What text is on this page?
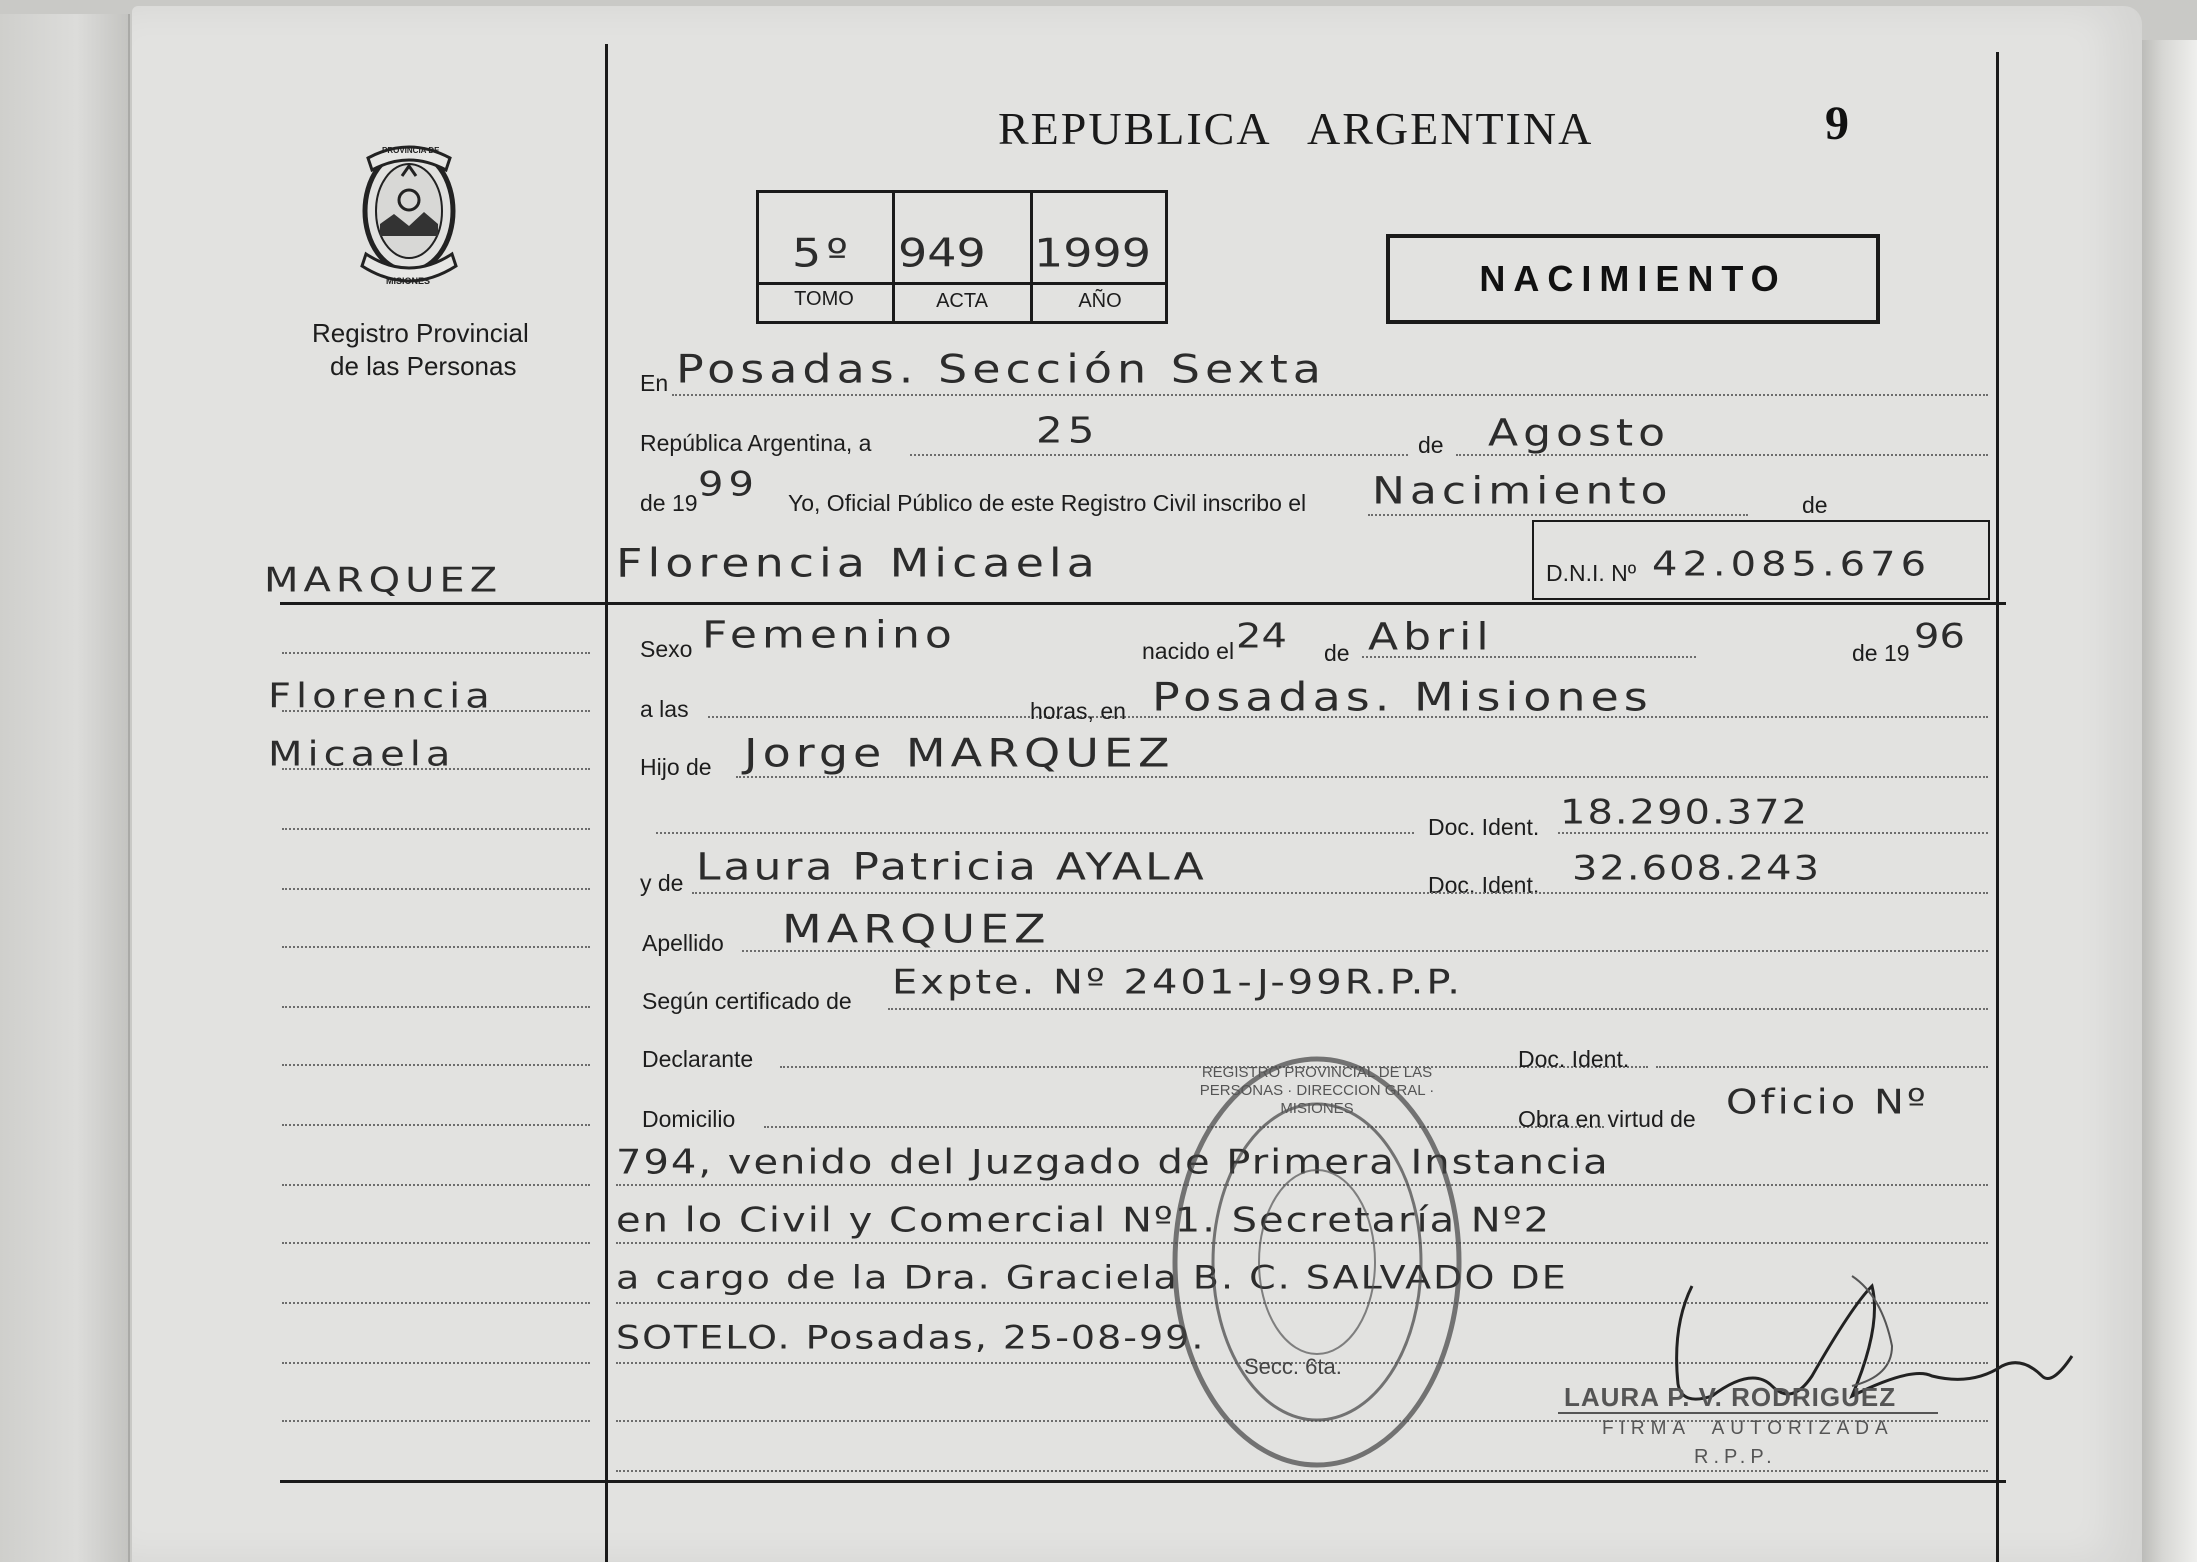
PROVINCIA DE
MISIONES
Registro Provincial
de las Personas
REPUBLICA   ARGENTINA	9
5º 949 1999
TOMO	ACTA	AÑO
NACIMIENTO
MARQUEZ
Florencia
Micaela
En Posadas. Sección Sexta
República Argentina, a	25	de Agosto
de 19 99 Yo, Oficial Público de este Registro Civil inscribo el Nacimiento	de
Florencia Micaela	D.N.I. Nº 42.085.676
Sexo Femenino	nacido el 24 de Abril	de 19 96
a las	horas, en Posadas. Misiones
Hijo de Jorge MARQUEZ
Doc. Ident. 18.290.372
y de Laura Patricia AYALA	Doc. Ident. 32.608.243
Apellido MARQUEZ
Según certificado de Expte. Nº 2401-J-99R.P.P.
Declarante	Doc. Ident.
Domicilio	Obra en virtud de Oficio Nº
794, venido del Juzgado de Primera Instancia
en lo Civil y Comercial Nº1. Secretaría Nº2
a cargo de la Dra. Graciela B. C. SALVADO DE
SOTELO. Posadas, 25-08-99.
REGISTRO PROVINCIAL DE LAS PERSONAS · DIRECCION GRAL · MISIONES
Secc. 6ta.
LAURA P. V. RODRIGUEZ
FIRMA  AUTORIZADA
R.P.P.
